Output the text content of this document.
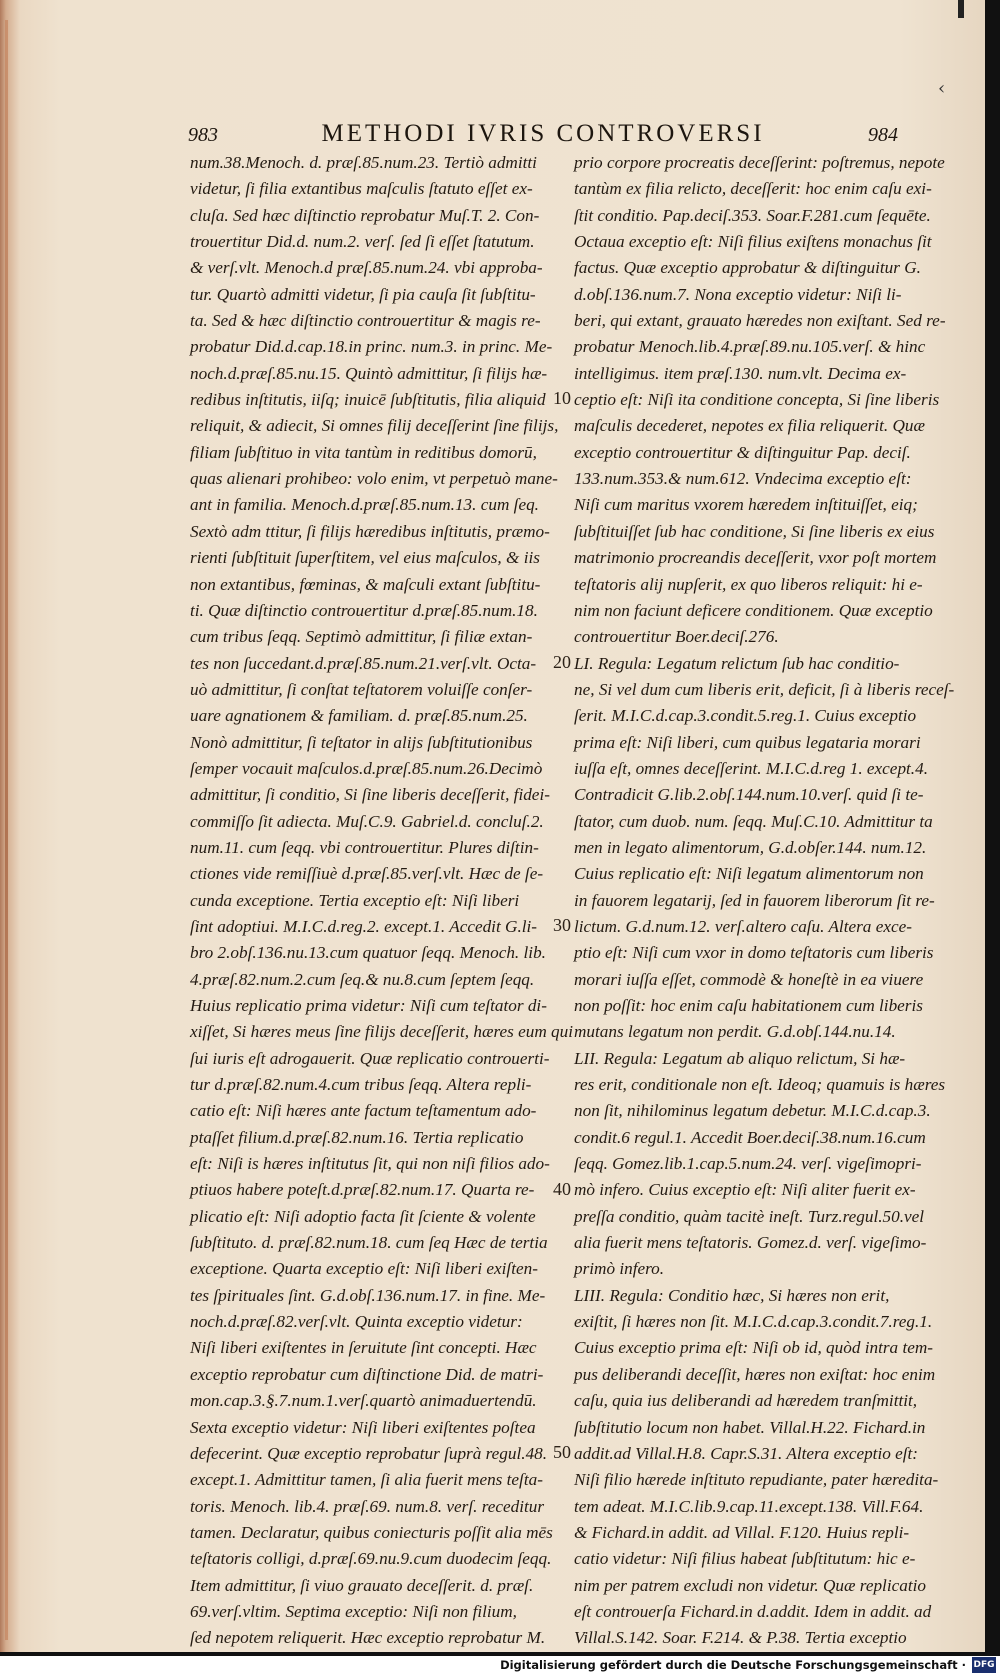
‹
983	METHODI IVRIS CONTROVERSI	984
num.38.Menoch. d. præſ.85.num.23. Tertiò admitti
videtur, ſi filia extantibus maſculis ſtatuto eſſet ex-
cluſa. Sed hæc diſtinctio reprobatur Muſ.T. 2. Con-
trouertitur Did.d. num.2. verſ. ſed ſi eſſet ſtatutum.
& verſ.vlt. Menoch.d præſ.85.num.24. vbi approba-
tur. Quartò admitti videtur, ſi pia cauſa ſit ſubſtitu-
ta. Sed & hæc diſtinctio controuertitur & magis re-
probatur Did.d.cap.18.in princ. num.3. in princ. Me-
noch.d.præſ.85.nu.15. Quintò admittitur, ſi filijs hæ-
redibus inſtitutis, iiſq; inuicē ſubſtitutis, filia aliquid
reliquit, & adiecit, Si omnes filij deceſſerint ſine filijs,
filiam ſubſtituo in vita tantùm in reditibus domorū,
quas alienari prohibeo: volo enim, vt perpetuò mane-
ant in familia. Menoch.d.præſ.85.num.13. cum ſeq.
Sextò adm ttitur, ſi filijs hæredibus inſtitutis, præmo-
rienti ſubſtituit ſuperſtitem, vel eius maſculos, & iis
non extantibus, fœminas, & maſculi extant ſubſtitu-
ti. Quæ diſtinctio controuertitur d.præſ.85.num.18.
cum tribus ſeqq. Septimò admittitur, ſi filiæ extan-
tes non ſuccedant.d.præſ.85.num.21.verſ.vlt. Octa-
uò admittitur, ſi conſtat teſtatorem voluiſſe conſer-
uare agnationem & familiam. d. præſ.85.num.25.
Nonò admittitur, ſi teſtator in alijs ſubſtitutionibus
ſemper vocauit maſculos.d.præſ.85.num.26.Decimò
admittitur, ſi conditio, Si ſine liberis deceſſerit, fidei-
commiſſo ſit adiecta. Muſ.C.9. Gabriel.d. concluſ.2.
num.11. cum ſeqq. vbi controuertitur. Plures diſtin-
ctiones vide remiſſiuè d.præſ.85.verſ.vlt. Hæc de ſe-
cunda exceptione. Tertia exceptio eſt: Niſi liberi
ſint adoptiui. M.I.C.d.reg.2. except.1. Accedit G.li-
bro 2.obſ.136.nu.13.cum quatuor ſeqq. Menoch. lib.
4.præſ.82.num.2.cum ſeq.& nu.8.cum ſeptem ſeqq.
Huius replicatio prima videtur: Niſi cum teſtator di-
xiſſet, Si hæres meus ſine filijs deceſſerit, hæres eum qui
ſui iuris eſt adrogauerit. Quæ replicatio controuerti-
tur d.præſ.82.num.4.cum tribus ſeqq. Altera repli-
catio eſt: Niſi hæres ante factum teſtamentum ado-
ptaſſet filium.d.præſ.82.num.16. Tertia replicatio
eſt: Niſi is hæres inſtitutus ſit, qui non niſi filios ado-
ptiuos habere poteſt.d.præſ.82.num.17. Quarta re-
plicatio eſt: Niſi adoptio facta ſit ſciente & volente
ſubſtituto. d. præſ.82.num.18. cum ſeq Hæc de tertia
exceptione. Quarta exceptio eſt: Niſi liberi exiſten-
tes ſpirituales ſint. G.d.obſ.136.num.17. in fine. Me-
noch.d.præſ.82.verſ.vlt. Quinta exceptio videtur:
Niſi liberi exiſtentes in ſeruitute ſint concepti. Hæc
exceptio reprobatur cum diſtinctione Did. de matri-
mon.cap.3.§.7.num.1.verſ.quartò animaduertendū.
Sexta exceptio videtur: Niſi liberi exiſtentes poſtea
defecerint. Quæ exceptio reprobatur ſuprà regul.48.
except.1. Admittitur tamen, ſi alia fuerit mens teſta-
toris. Menoch. lib.4. præſ.69. num.8. verſ. receditur
tamen. Declaratur, quibus coniecturis poſſit alia mēs
teſtatoris colligi, d.præſ.69.nu.9.cum duodecim ſeqq.
Item admittitur, ſi viuo grauato deceſſerit. d. præſ.
69.verſ.vltim. Septima exceptio: Niſi non filium,
ſed nepotem reliquerit. Hæc exceptio reprobatur M.
10
20
30
40
50
prio corpore procreatis deceſſerint: poſtremus, nepote
tantùm ex filia relicto, deceſſerit: hoc enim caſu exi-
ſtit conditio. Pap.deciſ.353. Soar.F.281.cum ſequēte.
Octaua exceptio eſt: Niſi filius exiſtens monachus ſit
factus. Quæ exceptio approbatur & diſtinguitur G.
d.obſ.136.num.7. Nona exceptio videtur: Niſi li-
beri, qui extant, grauato hæredes non exiſtant. Sed re-
probatur Menoch.lib.4.præſ.89.nu.105.verſ. & hinc
intelligimus. item præſ.130. num.vlt. Decima ex-
ceptio eſt: Niſi ita conditione concepta, Si ſine liberis
maſculis decederet, nepotes ex filia reliquerit. Quæ
exceptio controuertitur & diſtinguitur Pap. deciſ.
133.num.353.& num.612. Vndecima exceptio eſt:
Niſi cum maritus vxorem hæredem inſtituiſſet, eiq;
ſubſtituiſſet ſub hac conditione, Si ſine liberis ex eius
matrimonio procreandis deceſſerit, vxor poſt mortem
teſtatoris alij nupſerit, ex quo liberos reliquit: hi e-
nim non faciunt deficere conditionem. Quæ exceptio
controuertitur Boer.deciſ.276.
LI. Regula: Legatum relictum ſub hac conditio-
ne, Si vel dum cum liberis erit, deficit, ſi à liberis receſ-
ſerit. M.I.C.d.cap.3.condit.5.reg.1. Cuius exceptio
prima eſt: Niſi liberi, cum quibus legataria morari
iuſſa eſt, omnes deceſſerint. M.I.C.d.reg 1. except.4.
Contradicit G.lib.2.obſ.144.num.10.verſ. quid ſi te-
ſtator, cum duob. num. ſeqq. Muſ.C.10. Admittitur ta
men in legato alimentorum, G.d.obſer.144. num.12.
Cuius replicatio eſt: Niſi legatum alimentorum non
in fauorem legatarij, ſed in fauorem liberorum ſit re-
lictum. G.d.num.12. verſ.altero caſu. Altera exce-
ptio eſt: Niſi cum vxor in domo teſtatoris cum liberis
morari iuſſa eſſet, commodè & honeſtè in ea viuere
non poſſit: hoc enim caſu habitationem cum liberis
mutans legatum non perdit. G.d.obſ.144.nu.14.
LII. Regula: Legatum ab aliquo relictum, Si hæ-
res erit, conditionale non eſt. Ideoq; quamuis is hæres
non ſit, nihilominus legatum debetur. M.I.C.d.cap.3.
condit.6 regul.1. Accedit Boer.deciſ.38.num.16.cum
ſeqq. Gomez.lib.1.cap.5.num.24. verſ. vigeſimopri-
mò infero. Cuius exceptio eſt: Niſi aliter fuerit ex-
preſſa conditio, quàm tacitè ineſt. Turz.regul.50.vel
alia fuerit mens teſtatoris. Gomez.d. verſ. vigeſimo-
primò infero.
LIII. Regula: Conditio hæc, Si hæres non erit,
exiſtit, ſi hæres non ſit. M.I.C.d.cap.3.condit.7.reg.1.
Cuius exceptio prima eſt: Niſi ob id, quòd intra tem-
pus deliberandi deceſſit, hæres non exiſtat: hoc enim
caſu, quia ius deliberandi ad hæredem tranſmittit,
ſubſtitutio locum non habet. Villal.H.22. Fichard.in
addit.ad Villal.H.8. Capr.S.31. Altera exceptio eſt:
Niſi filio hærede inſtituto repudiante, pater hæredita-
tem adeat. M.I.C.lib.9.cap.11.except.138. Vill.F.64.
& Fichard.in addit. ad Villal. F.120. Huius repli-
catio videtur: Niſi filius habeat ſubſtitutum: hic e-
nim per patrem excludi non videtur. Quæ replicatio
eſt controuerſa Fichard.in d.addit. Idem in addit. ad
Villal.S.142. Soar. F.214. & P.38. Tertia exceptio
Digitalisierung gefördert durch die Deutsche Forschungsgemeinschaft · DFG
